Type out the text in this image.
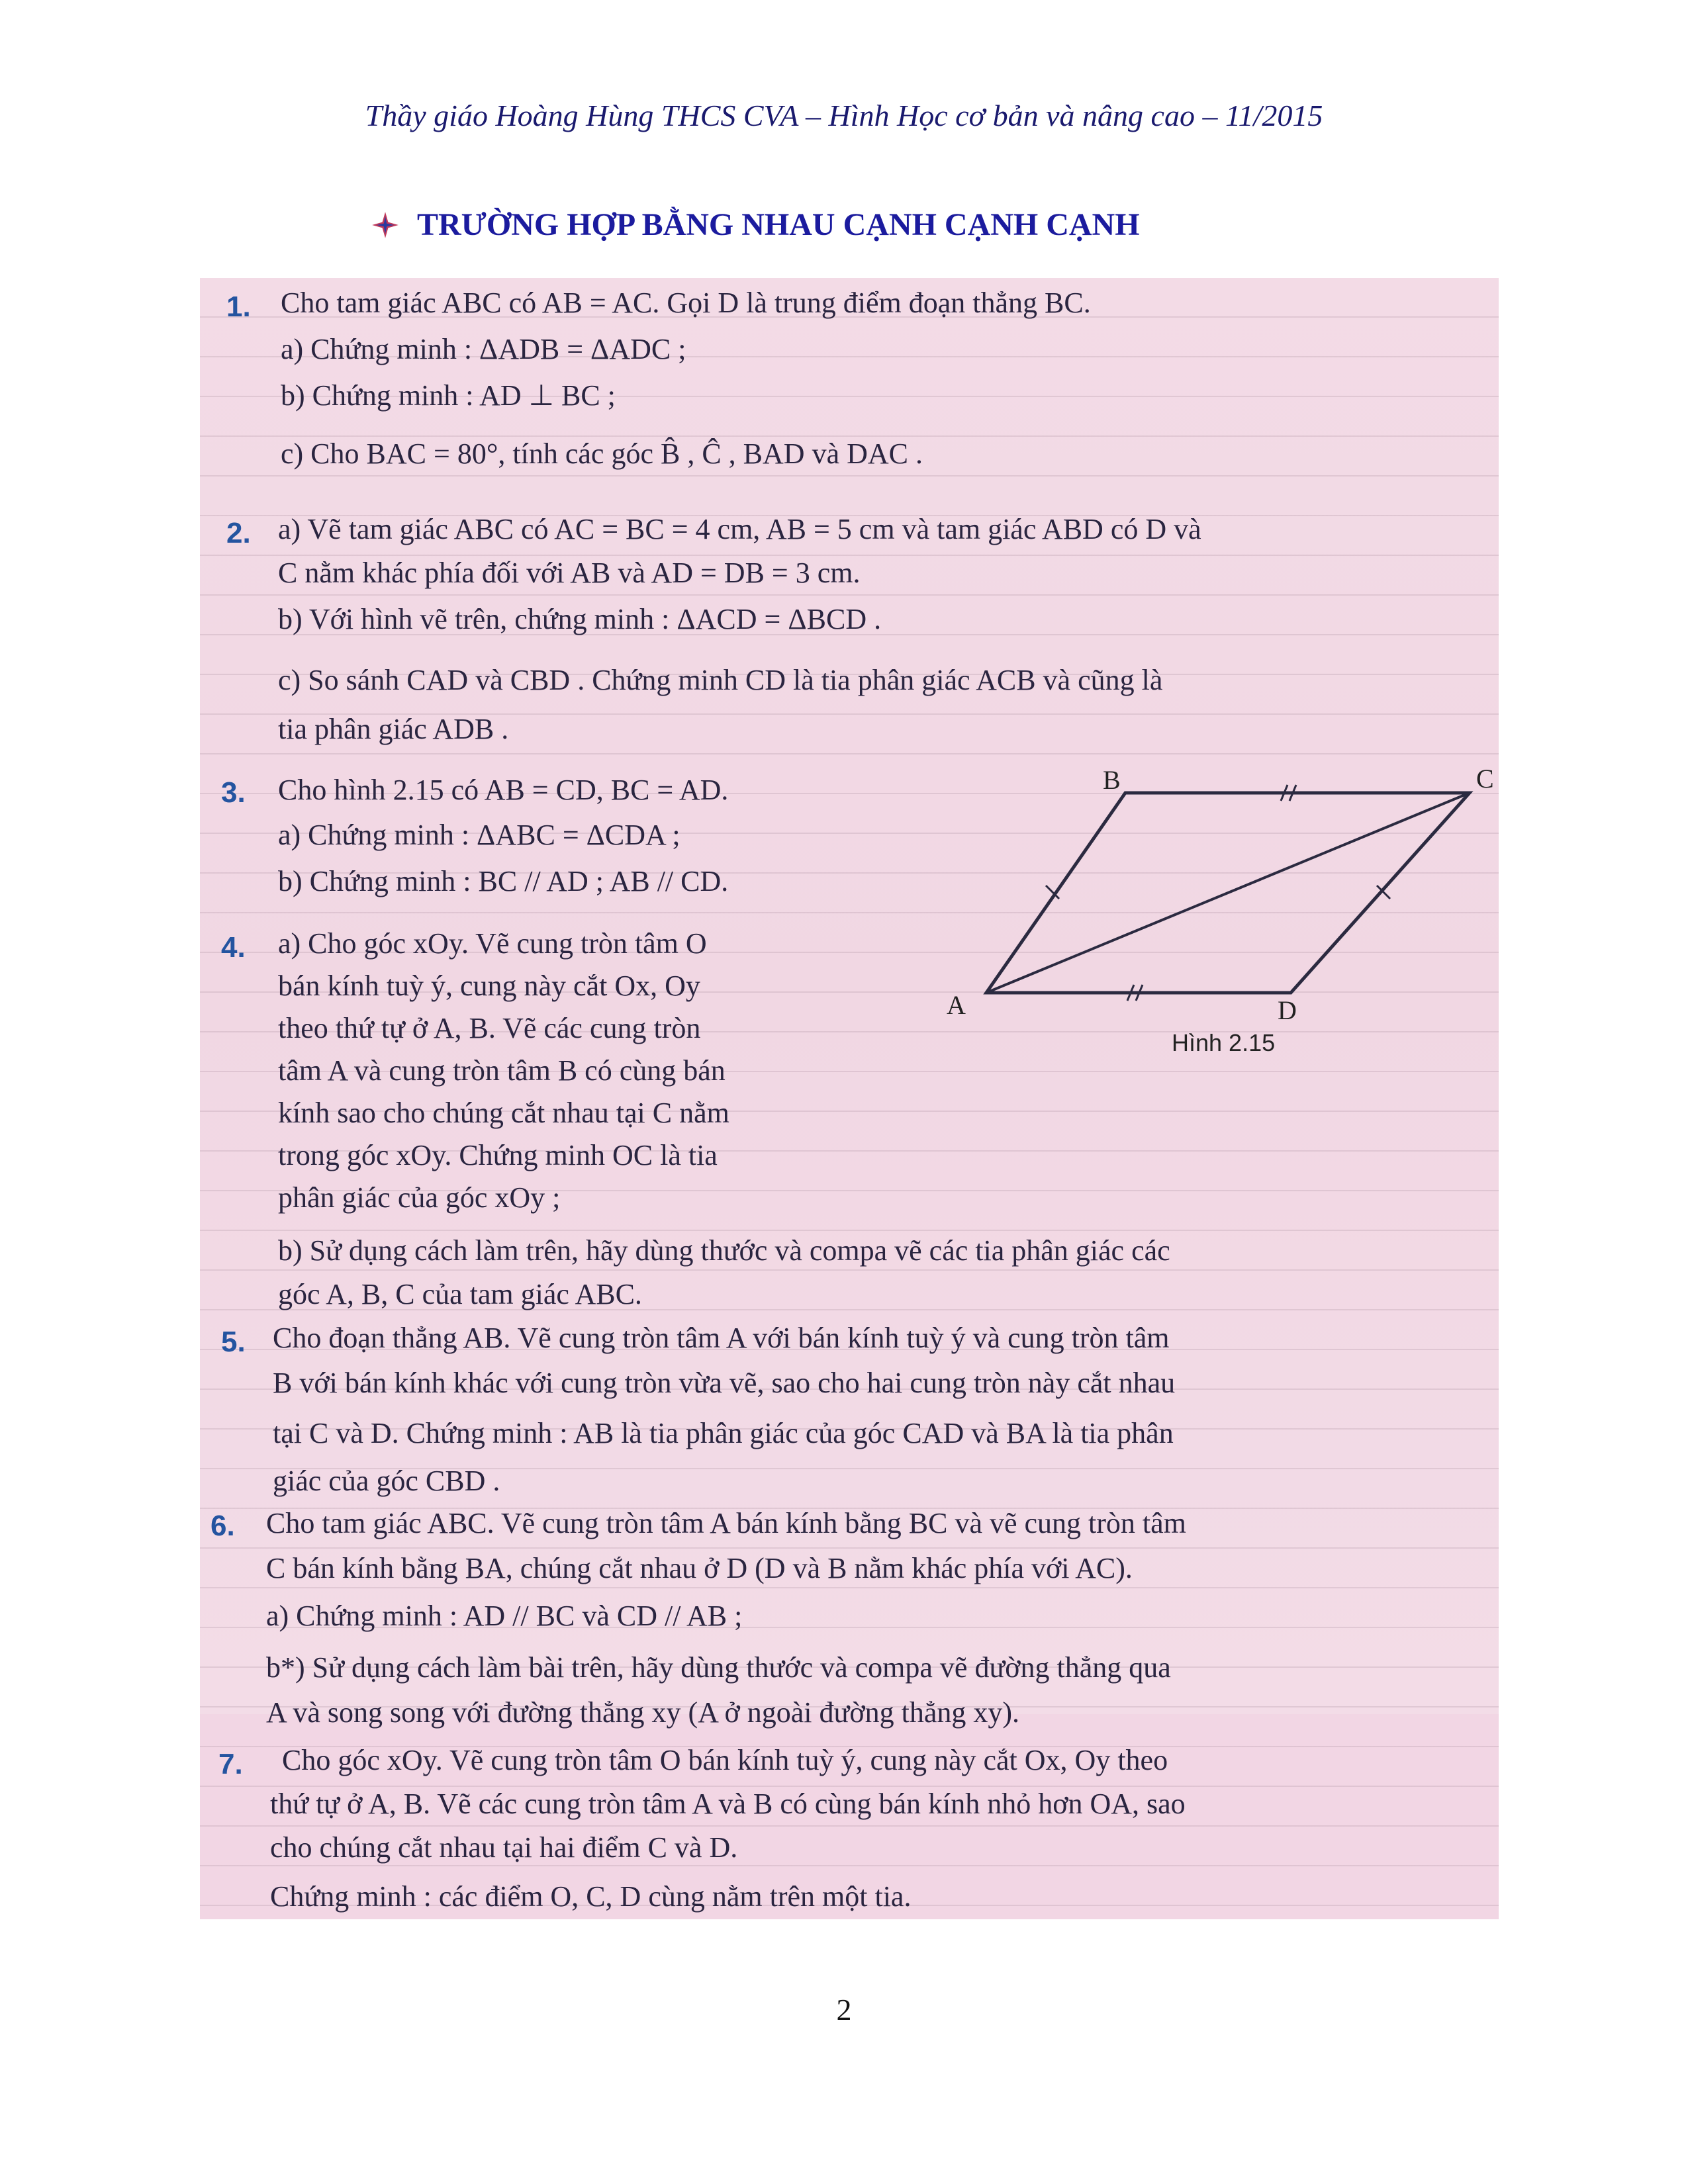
Thầy giáo Hoàng Hùng THCS CVA – Hình Học cơ bản và nâng cao – 11/2015
TRƯỜNG HỢP BẰNG NHAU CẠNH CẠNH CẠNH
1. Cho tam giác ABC có AB = AC. Gọi D là trung điểm đoạn thẳng BC.
a) Chứng minh : ΔADB = ΔADC ;
b) Chứng minh : AD ⊥ BC ;
c) Cho BAC = 80°, tính các góc B̂ , Ĉ , BAD và DAC .
2. a) Vẽ tam giác ABC có AC = BC = 4 cm, AB = 5 cm và tam giác ABD có D và
C nằm khác phía đối với AB và AD = DB = 3 cm.
b) Với hình vẽ trên, chứng minh : ΔACD = ΔBCD .
c) So sánh CAD và CBD . Chứng minh CD là tia phân giác ACB và cũng là
tia phân giác ADB .
3. Cho hình 2.15 có AB = CD, BC = AD.
a) Chứng minh : ΔABC = ΔCDA ;
b) Chứng minh : BC // AD ; AB // CD.
4. a) Cho góc xOy. Vẽ cung tròn tâm O
bán kính tuỳ ý, cung này cắt Ox, Oy
theo thứ tự ở A, B. Vẽ các cung tròn
tâm A và cung tròn tâm B có cùng bán
kính sao cho chúng cắt nhau tại C nằm
trong góc xOy. Chứng minh OC là tia
phân giác của góc xOy ;
b) Sử dụng cách làm trên, hãy dùng thước và compa vẽ các tia phân giác các
góc A, B, C của tam giác ABC.
5. Cho đoạn thẳng AB. Vẽ cung tròn tâm A với bán kính tuỳ ý và cung tròn tâm
B với bán kính khác với cung tròn vừa vẽ, sao cho hai cung tròn này cắt nhau
tại C và D. Chứng minh : AB là tia phân giác của góc CAD và BA là tia phân
giác của góc CBD .
6. Cho tam giác ABC. Vẽ cung tròn tâm A bán kính bằng BC và vẽ cung tròn tâm
C bán kính bằng BA, chúng cắt nhau ở D (D và B nằm khác phía với AC).
a) Chứng minh : AD // BC và CD // AB ;
b*) Sử dụng cách làm bài trên, hãy dùng thước và compa vẽ đường thẳng qua
A và song song với đường thẳng xy (A ở ngoài đường thẳng xy).
7. Cho góc xOy. Vẽ cung tròn tâm O bán kính tuỳ ý, cung này cắt Ox, Oy theo
thứ tự ở A, B. Vẽ các cung tròn tâm A và B có cùng bán kính nhỏ hơn OA, sao
cho chúng cắt nhau tại hai điểm C và D.
Chứng minh : các điểm O, C, D cùng nằm trên một tia.
B	C
A	D
Hình 2.15
2
